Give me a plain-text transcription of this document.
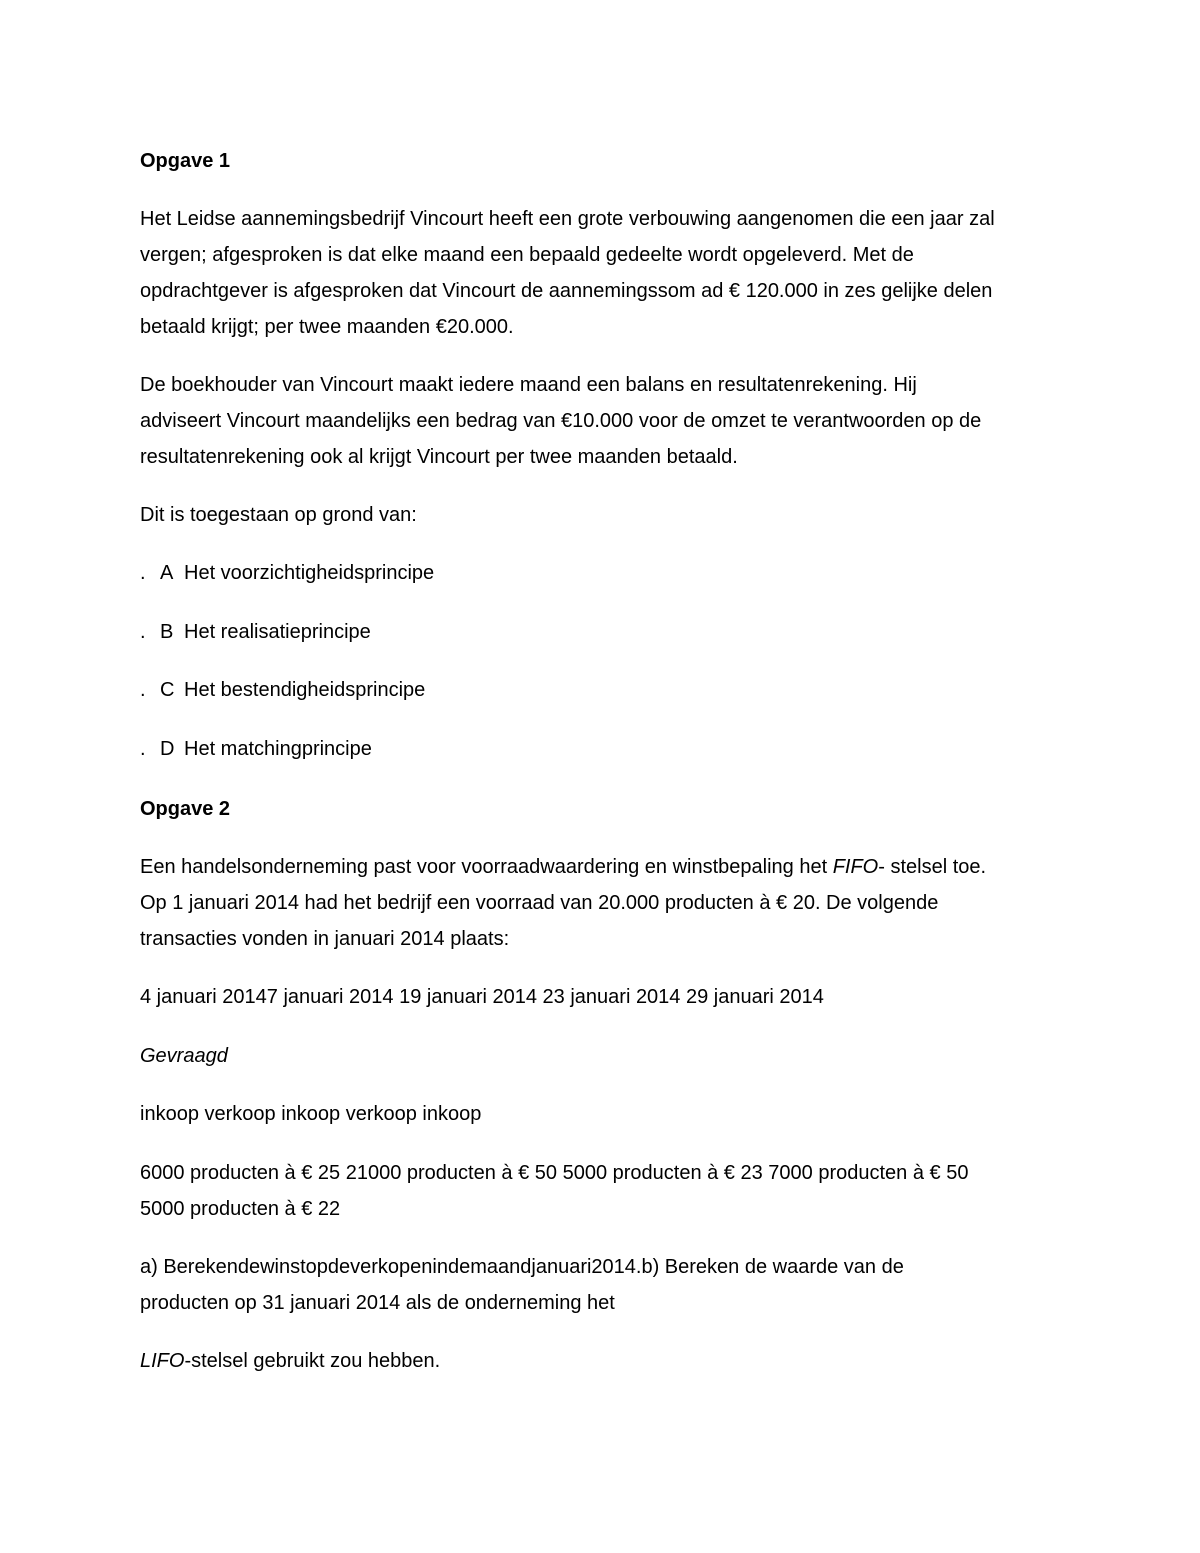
Opgave 1
Het Leidse aannemingsbedrijf Vincourt heeft een grote verbouwing aangenomen die een jaar zal
vergen; afgesproken is dat elke maand een bepaald gedeelte wordt opgeleverd. Met de
opdrachtgever is afgesproken dat Vincourt de aannemingssom ad € 120.000 in zes gelijke delen
betaald krijgt; per twee maanden €20.000.
De boekhouder van Vincourt maakt iedere maand een balans en resultatenrekening. Hij
adviseert Vincourt maandelijks een bedrag van €10.000 voor de omzet te verantwoorden op de
resultatenrekening ook al krijgt Vincourt per twee maanden betaald.
Dit is toegestaan op grond van:
. A Het voorzichtigheidsprincipe
. B Het realisatieprincipe
. C Het bestendigheidsprincipe
. D Het matchingprincipe
Opgave 2
Een handelsonderneming past voor voorraadwaardering en winstbepaling het FIFO- stelsel toe.
Op 1 januari 2014 had het bedrijf een voorraad van 20.000 producten à € 20. De volgende
transacties vonden in januari 2014 plaats:
4 januari 20147 januari 2014 19 januari 2014 23 januari 2014 29 januari 2014
Gevraagd
inkoop verkoop inkoop verkoop inkoop
6000 producten à € 25 21000 producten à € 50 5000 producten à € 23 7000 producten à € 50
5000 producten à € 22
a) Berekendewinstopdeverkopenindemaandjanuari2014.b) Bereken de waarde van de
producten op 31 januari 2014 als de onderneming het
LIFO-stelsel gebruikt zou hebben.
